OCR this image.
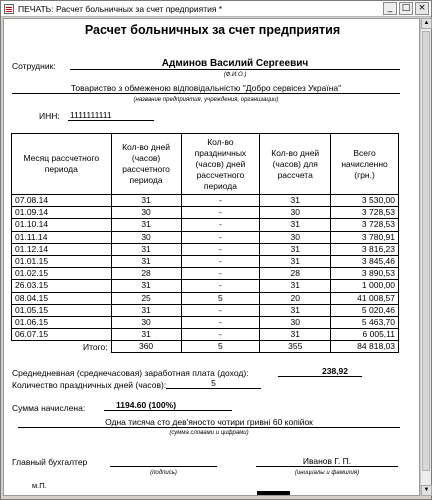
ПЕЧАТЬ: Расчет больничных за счет предприятия *	_	□ ×
Расчет больничных за счет предприятия
Сотрудник:	Админов Василий Сергеевич
(Ф.И.О.)
Товариство з обмеженою відповідальністю "Добро сервісез Україна"
(название предприятия, учреждения, организации)
ИНН: 1111111111
Месяц рассчетного периода	Кол-во дней (часов) рассчетного периода	Кол-во праздничных (часов) дней рассчетного периода	Кол-во дней (часов) для рассчета	Всего начисленно (грн.)
07.08.14	31	-	31	3 530,00
01.09.14	30	-	30	3 728,53
01.10.14	31	-	31	3 728,53
01.11.14	30	-	30	3 780,91
01.12.14	31	-	31	3 816,23
01.01.15	31	-	31	3 845,46
01.02.15	28	-	28	3 890,53
26.03.15	31	-	31	1 000,00
08.04.15	25	5	20	41 008,57
01.05.15	31	-	31	5 020,46
01.06.15	30	-	30	5 463,70
06.07.15	31	-	31	6 005,11
Итого:	360	5	355	84 818,03
Среднедневная (среднечасовая) заработная плата (доход):	238,92
Количество праздничных дней (часов):	5
Сумма начисленa:	1194.60 (100%)
Одна тисяча сто дев'яносто чотири гривні 60 копійок
(сумма словами и цифрами)
Главный бухгалтер
(подпись)
Иванов Г. П.
(инициалы и фамилия)
м.П.
▲
▼
